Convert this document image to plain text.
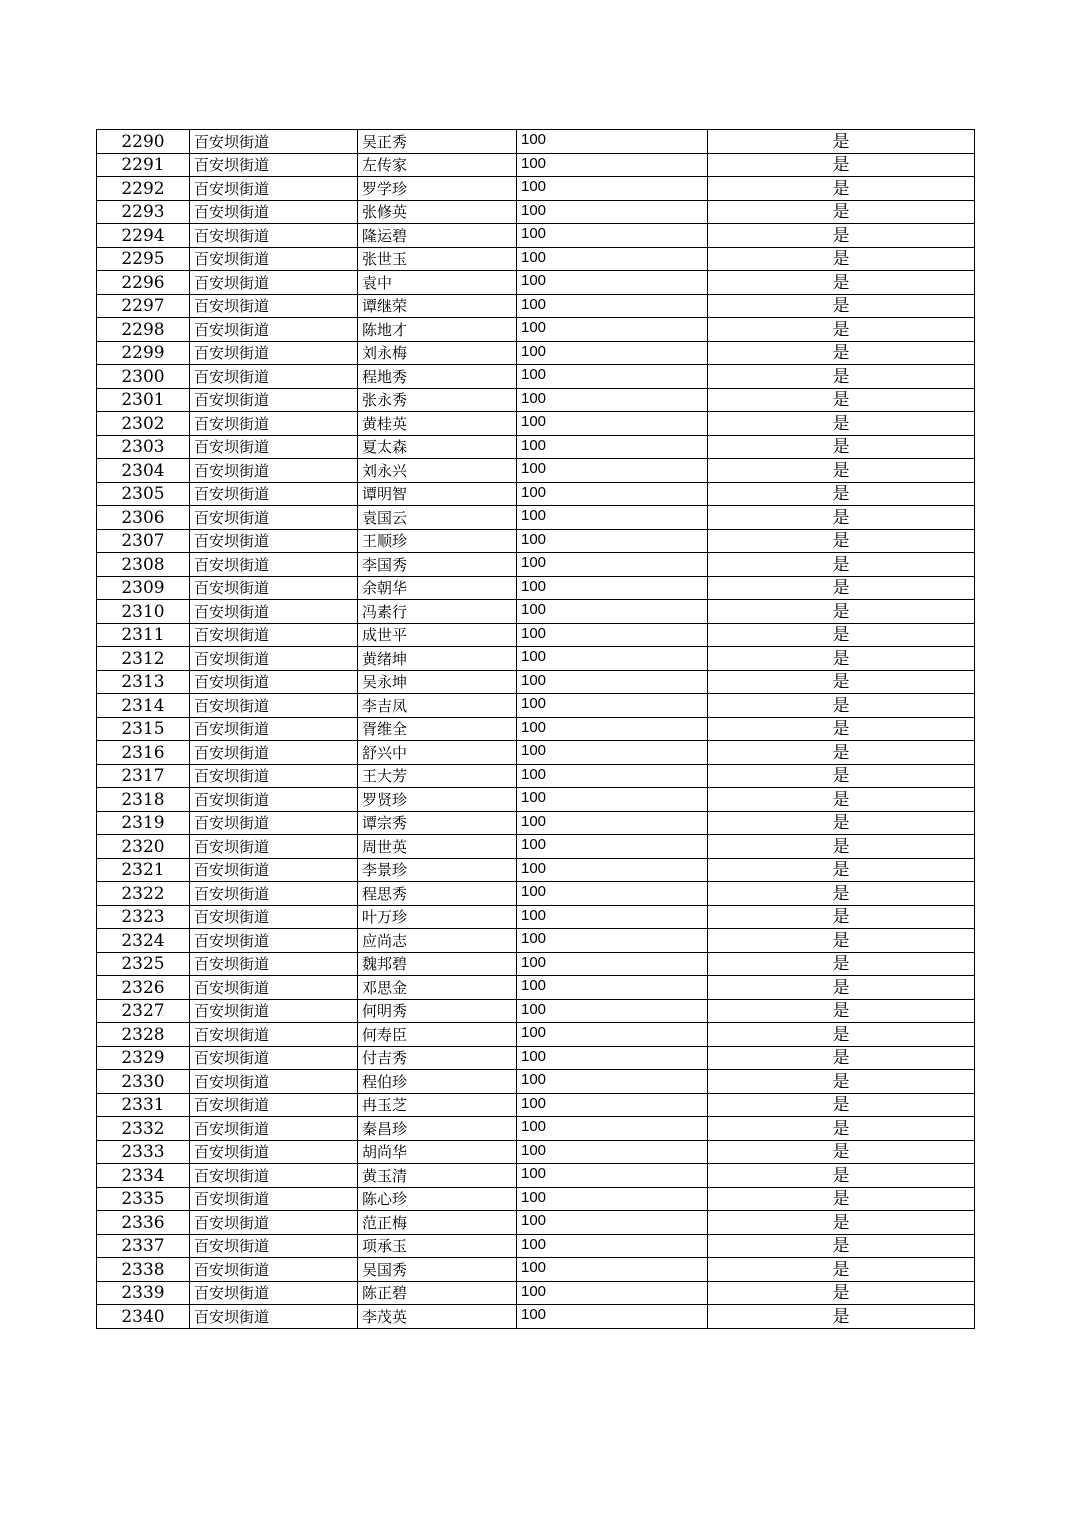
2290	百安坝街道	吴正秀	100	是
2291	百安坝街道	左传家	100	是
2292	百安坝街道	罗学珍	100	是
2293	百安坝街道	张修英	100	是
2294	百安坝街道	隆运碧	100	是
2295	百安坝街道	张世玉	100	是
2296	百安坝街道	袁中	100	是
2297	百安坝街道	谭继荣	100	是
2298	百安坝街道	陈地才	100	是
2299	百安坝街道	刘永梅	100	是
2300	百安坝街道	程地秀	100	是
2301	百安坝街道	张永秀	100	是
2302	百安坝街道	黄桂英	100	是
2303	百安坝街道	夏太森	100	是
2304	百安坝街道	刘永兴	100	是
2305	百安坝街道	谭明智	100	是
2306	百安坝街道	袁国云	100	是
2307	百安坝街道	王顺珍	100	是
2308	百安坝街道	李国秀	100	是
2309	百安坝街道	余朝华	100	是
2310	百安坝街道	冯素行	100	是
2311	百安坝街道	成世平	100	是
2312	百安坝街道	黄绪坤	100	是
2313	百安坝街道	吴永坤	100	是
2314	百安坝街道	李吉凤	100	是
2315	百安坝街道	胥维全	100	是
2316	百安坝街道	舒兴中	100	是
2317	百安坝街道	王大芳	100	是
2318	百安坝街道	罗贤珍	100	是
2319	百安坝街道	谭宗秀	100	是
2320	百安坝街道	周世英	100	是
2321	百安坝街道	李景珍	100	是
2322	百安坝街道	程思秀	100	是
2323	百安坝街道	叶万珍	100	是
2324	百安坝街道	应尚志	100	是
2325	百安坝街道	魏邦碧	100	是
2326	百安坝街道	邓思金	100	是
2327	百安坝街道	何明秀	100	是
2328	百安坝街道	何寿臣	100	是
2329	百安坝街道	付吉秀	100	是
2330	百安坝街道	程伯珍	100	是
2331	百安坝街道	冉玉芝	100	是
2332	百安坝街道	秦昌珍	100	是
2333	百安坝街道	胡尚华	100	是
2334	百安坝街道	黄玉清	100	是
2335	百安坝街道	陈心珍	100	是
2336	百安坝街道	范正梅	100	是
2337	百安坝街道	项承玉	100	是
2338	百安坝街道	吴国秀	100	是
2339	百安坝街道	陈正碧	100	是
2340	百安坝街道	李茂英	100	是
